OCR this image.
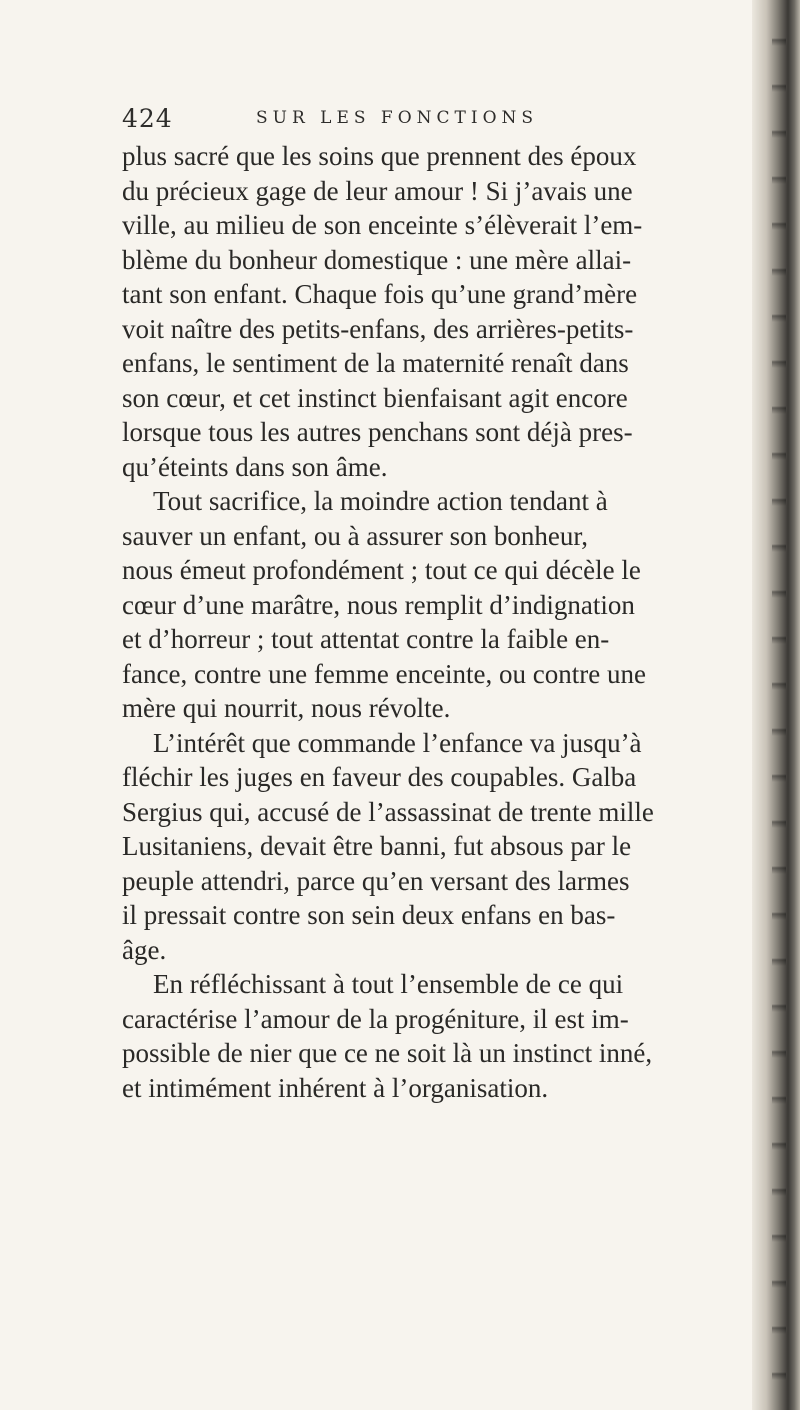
424	SUR LES FONCTIONS
plus sacré que les soins que prennent des époux
du précieux gage de leur amour ! Si j’avais une
ville, au milieu de son enceinte s’élèverait l’em-
blème du bonheur domestique : une mère allai-
tant son enfant. Chaque fois qu’une grand’mère
voit naître des petits-enfans, des arrières-petits-
enfans, le sentiment de la maternité renaît dans
son cœur, et cet instinct bienfaisant agit encore
lorsque tous les autres penchans sont déjà pres-
qu’éteints dans son âme.
Tout sacrifice, la moindre action tendant à
sauver un enfant, ou à assurer son bonheur,
nous émeut profondément ; tout ce qui décèle le
cœur d’une marâtre, nous remplit d’indignation
et d’horreur ; tout attentat contre la faible en-
fance, contre une femme enceinte, ou contre une
mère qui nourrit, nous révolte.
L’intérêt que commande l’enfance va jusqu’à
fléchir les juges en faveur des coupables. Galba
Sergius qui, accusé de l’assassinat de trente mille
Lusitaniens, devait être banni, fut absous par le
peuple attendri, parce qu’en versant des larmes
il pressait contre son sein deux enfans en bas-
âge.
En réfléchissant à tout l’ensemble de ce qui
caractérise l’amour de la progéniture, il est im-
possible de nier que ce ne soit là un instinct inné,
et intimément inhérent à l’organisation.
